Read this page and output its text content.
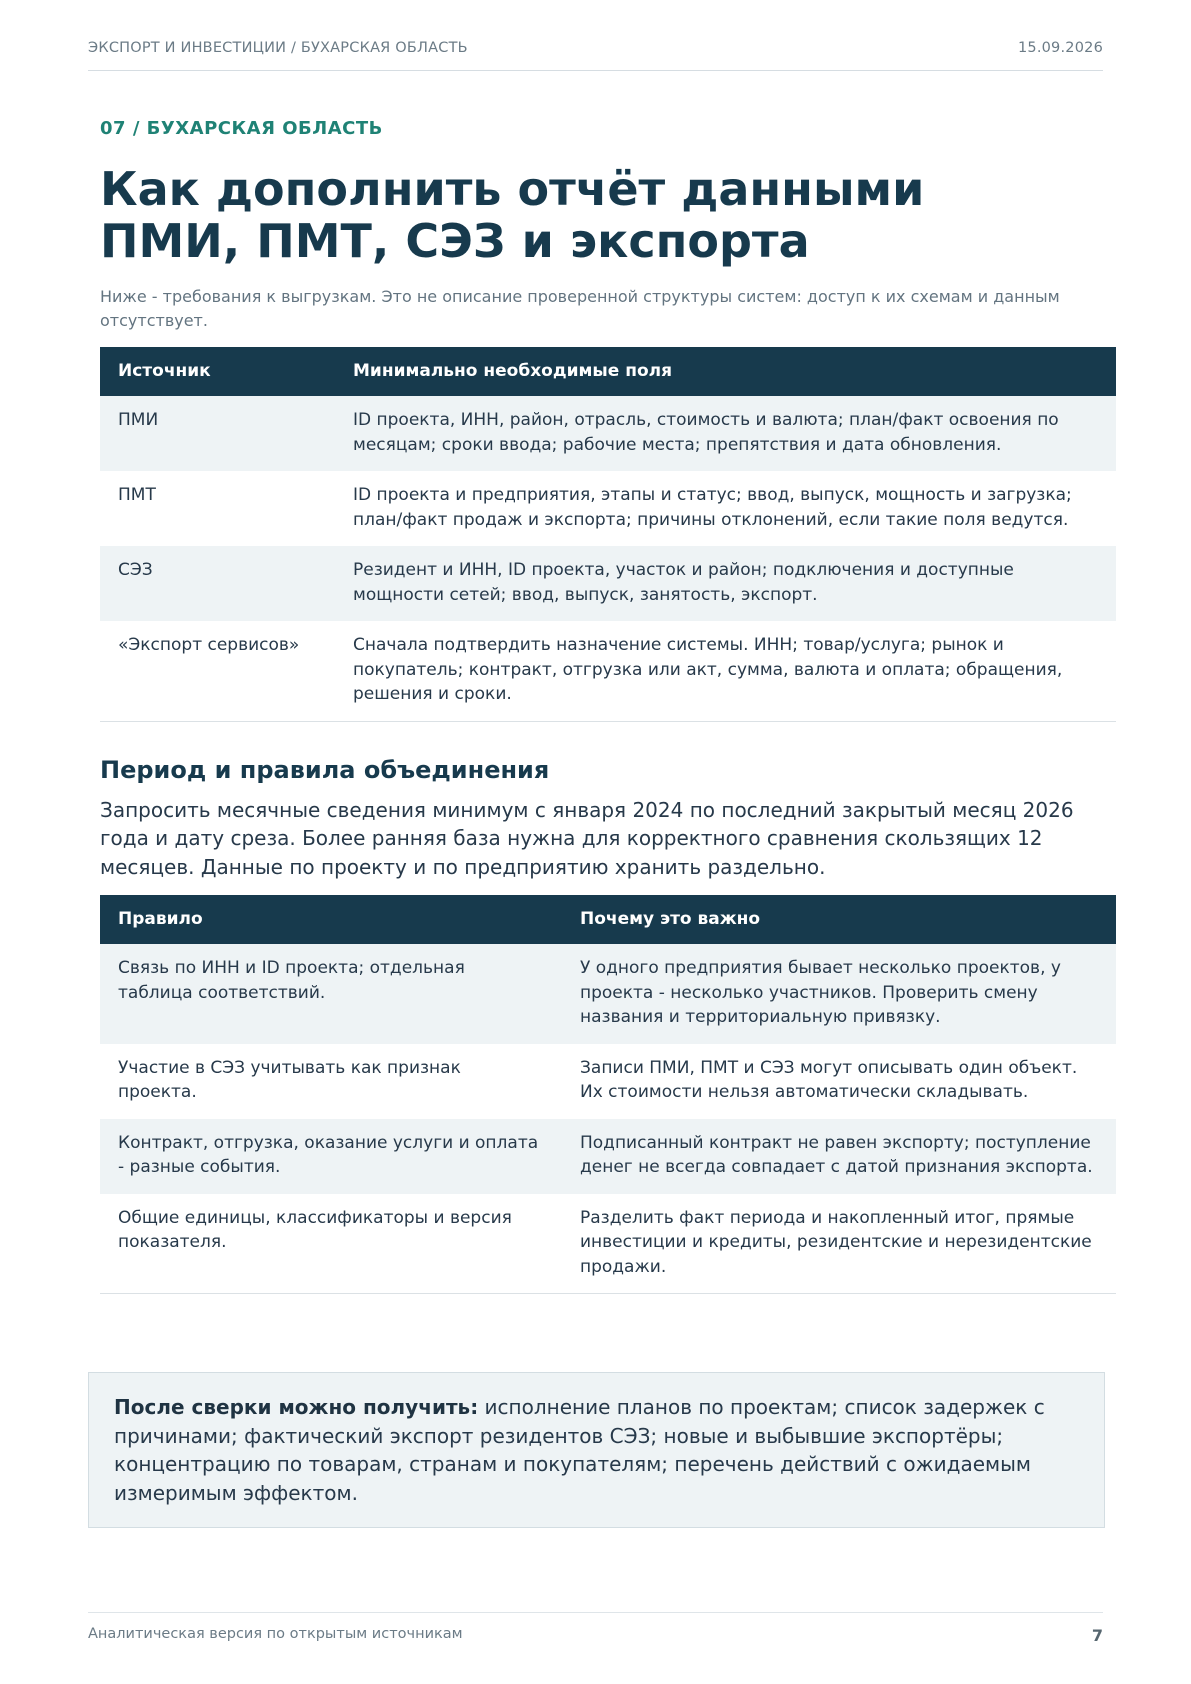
ЭКСПОРТ И ИНВЕСТИЦИИ / БУХАРСКАЯ ОБЛАСТЬ	15.09.2026
07 / БУХАРСКАЯ ОБЛАСТЬ
Как дополнить отчёт данными
ПМИ, ПМТ, СЭЗ и экспорта

Ниже - требования к выгрузкам. Это не описание проверенной структуры систем: доступ к их схемам и данным отсутствует.

Источник	Минимально необходимые поля
ПМИ	ID проекта, ИНН, район, отрасль, стоимость и валюта; план/факт освоения по месяцам; сроки ввода; рабочие места; препятствия и дата обновления.
ПМТ	ID проекта и предприятия, этапы и статус; ввод, выпуск, мощность и загрузка; план/факт продаж и экспорта; причины отклонений, если такие поля ведутся.
СЭЗ	Резидент и ИНН, ID проекта, участок и район; подключения и доступные мощности сетей; ввод, выпуск, занятость, экспорт.
«Экспорт сервисов»	Сначала подтвердить назначение системы. ИНН; товар/услуга; рынок и покупатель; контракт, отгрузка или акт, сумма, валюта и оплата; обращения, решения и сроки.
Период и правила объединения

Запросить месячные сведения минимум с января 2024 по последний закрытый месяц 2026 года и дату среза. Более ранняя база нужна для корректного сравнения скользящих 12 месяцев. Данные по проекту и по предприятию хранить раздельно.

Правило	Почему это важно
Связь по ИНН и ID проекта; отдельная таблица соответствий.	У одного предприятия бывает несколько проектов, у проекта - несколько участников. Проверить смену названия и территориальную привязку.
Участие в СЭЗ учитывать как признак проекта.	Записи ПМИ, ПМТ и СЭЗ могут описывать один объект. Их стоимости нельзя автоматически складывать.
Контракт, отгрузка, оказание услуги и оплата - разные события.	Подписанный контракт не равен экспорту; поступление денег не всегда совпадает с датой признания экспорта.
Общие единицы, классификаторы и версия показателя.	Разделить факт периода и накопленный итог, прямые инвестиции и кредиты, резидентские и нерезидентские продажи.
После сверки можно получить: исполнение планов по проектам; список задержек с причинами; фактический экспорт резидентов СЭЗ; новые и выбывшие экспортёры; концентрацию по товарам, странам и покупателям; перечень действий с ожидаемым измеримым эффектом.
Аналитическая версия по открытым источникам	7
